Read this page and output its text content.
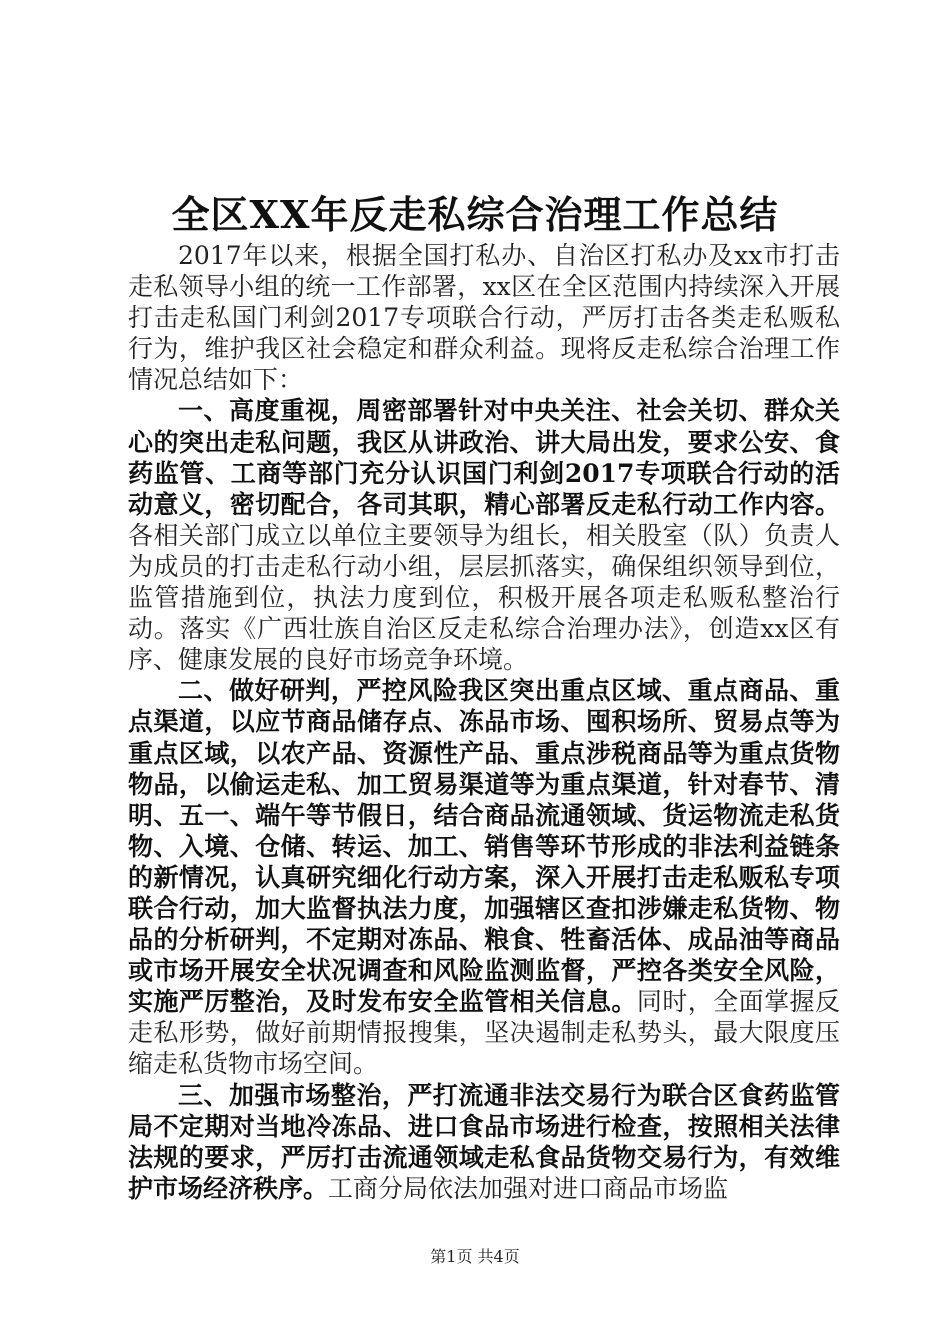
全区XX年反走私综合治理工作总结

2017年以来，根据全国打私办、自治区打私办及xx市打击走私领导小组的统一工作部署，xx区在全区范围内持续深入开展打击走私国门利剑2017专项联合行动，严厉打击各类走私贩私行为，维护我区社会稳定和群众利益。现将反走私综合治理工作情况总结如下：

一、高度重视，周密部署针对中央关注、社会关切、群众关心的突出走私问题，我区从讲政治、讲大局出发，要求公安、食药监管、工商等部门充分认识国门利剑2017专项联合行动的活动意义，密切配合，各司其职，精心部署反走私行动工作内容。各相关部门成立以单位主要领导为组长，相关股室（队）负责人为成员的打击走私行动小组，层层抓落实，确保组织领导到位，监管措施到位，执法力度到位，积极开展各项走私贩私整治行动。落实《广西壮族自治区反走私综合治理办法》，创造xx区有序、健康发展的良好市场竞争环境。

二、做好研判，严控风险我区突出重点区域、重点商品、重点渠道，以应节商品储存点、冻品市场、囤积场所、贸易点等为重点区域，以农产品、资源性产品、重点涉税商品等为重点货物物品，以偷运走私、加工贸易渠道等为重点渠道，针对春节、清明、五一、端午等节假日，结合商品流通领域、货运物流走私货物、入境、仓储、转运、加工、销售等环节形成的非法利益链条的新情况，认真研究细化行动方案，深入开展打击走私贩私专项联合行动，加大监督执法力度，加强辖区查扣涉嫌走私货物、物品的分析研判，不定期对冻品、粮食、牲畜活体、成品油等商品或市场开展安全状况调查和风险监测监督，严控各类安全风险，实施严厉整治，及时发布安全监管相关信息。同时，全面掌握反走私形势，做好前期情报搜集，坚决遏制走私势头，最大限度压缩走私货物市场空间。

三、加强市场整治，严打流通非法交易行为联合区食药监管局不定期对当地冷冻品、进口食品市场进行检查，按照相关法律法规的要求，严厉打击流通领域走私食品货物交易行为，有效维护市场经济秩序。工商分局依法加强对进口商品市场监

第1页 共4页
